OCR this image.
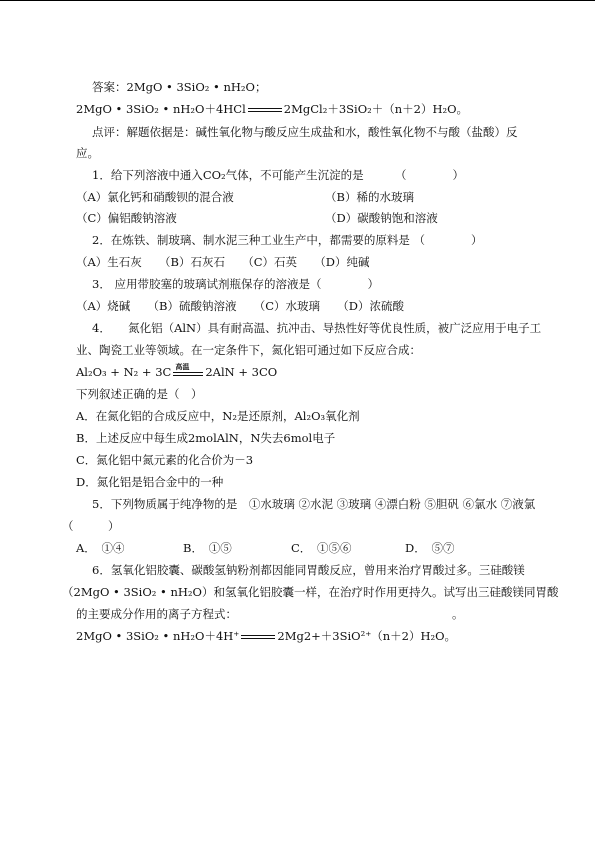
答案：2MgO • 3SiO₂ • nH₂O；
2MgO • 3SiO₂ • nH₂O＋4HCl	2MgCl₂＋3SiO₂＋（n＋2）H₂O。
点评：解题依据是：碱性氧化物与酸反应生成盐和水，酸性氧化物不与酸（盐酸）反
应。
1．给下列溶液中通入CO₂气体，不可能产生沉淀的是	（　　　　）
（A）氯化钙和硝酸钡的混合液	（B）稀的水玻璃
（C）偏铝酸钠溶液	（D）碳酸钠饱和溶液
2．在炼铁、制玻璃、制水泥三种工业生产中，都需要的原料是 （　　　　）
（A）生石灰　　（B）石灰石　　（C）石英　　（D）纯碱
3． 应用带胶塞的玻璃试剂瓶保存的溶液是（　　　　）
（A）烧碱　　（B）硫酸钠溶液　　（C）水玻璃　　（D）浓硫酸
4．　　氮化铝（AlN）具有耐高温、抗冲击、导热性好等优良性质，被广泛应用于电子工
业、陶瓷工业等领域。在一定条件下，氮化铝可通过如下反应合成：
Al₂O₃ + N₂ + 3C 高温 2AlN + 3CO
下列叙述正确的是（　）
A．在氮化铝的合成反应中，N₂是还原剂，Al₂O₃氧化剂
B．上述反应中每生成2molAlN，N失去6mol电子
C．氮化铝中氮元素的化合价为－3
D．氮化铝是铝合金中的一种
5．下列物质属于纯净物的是　①水玻璃 ②水泥 ③玻璃 ④漂白粉 ⑤胆矾 ⑥氯水 ⑦液氯
（　　　）
A．　①④	B．　①⑤	C．　①⑤⑥	D．　⑤⑦
6．氢氧化铝胶囊、碳酸氢钠粉剂都因能同胃酸反应，曾用来治疗胃酸过多。三硅酸镁
（2MgO • 3SiO₂ • nH₂O）和氢氧化铝胶囊一样，在治疗时作用更持久。试写出三硅酸镁同胃酸
的主要成分作用的离子方程式：	。
2MgO • 3SiO₂ • nH₂O＋4H⁺	2Mg2+＋3SiO²⁺（n＋2）H₂O。
